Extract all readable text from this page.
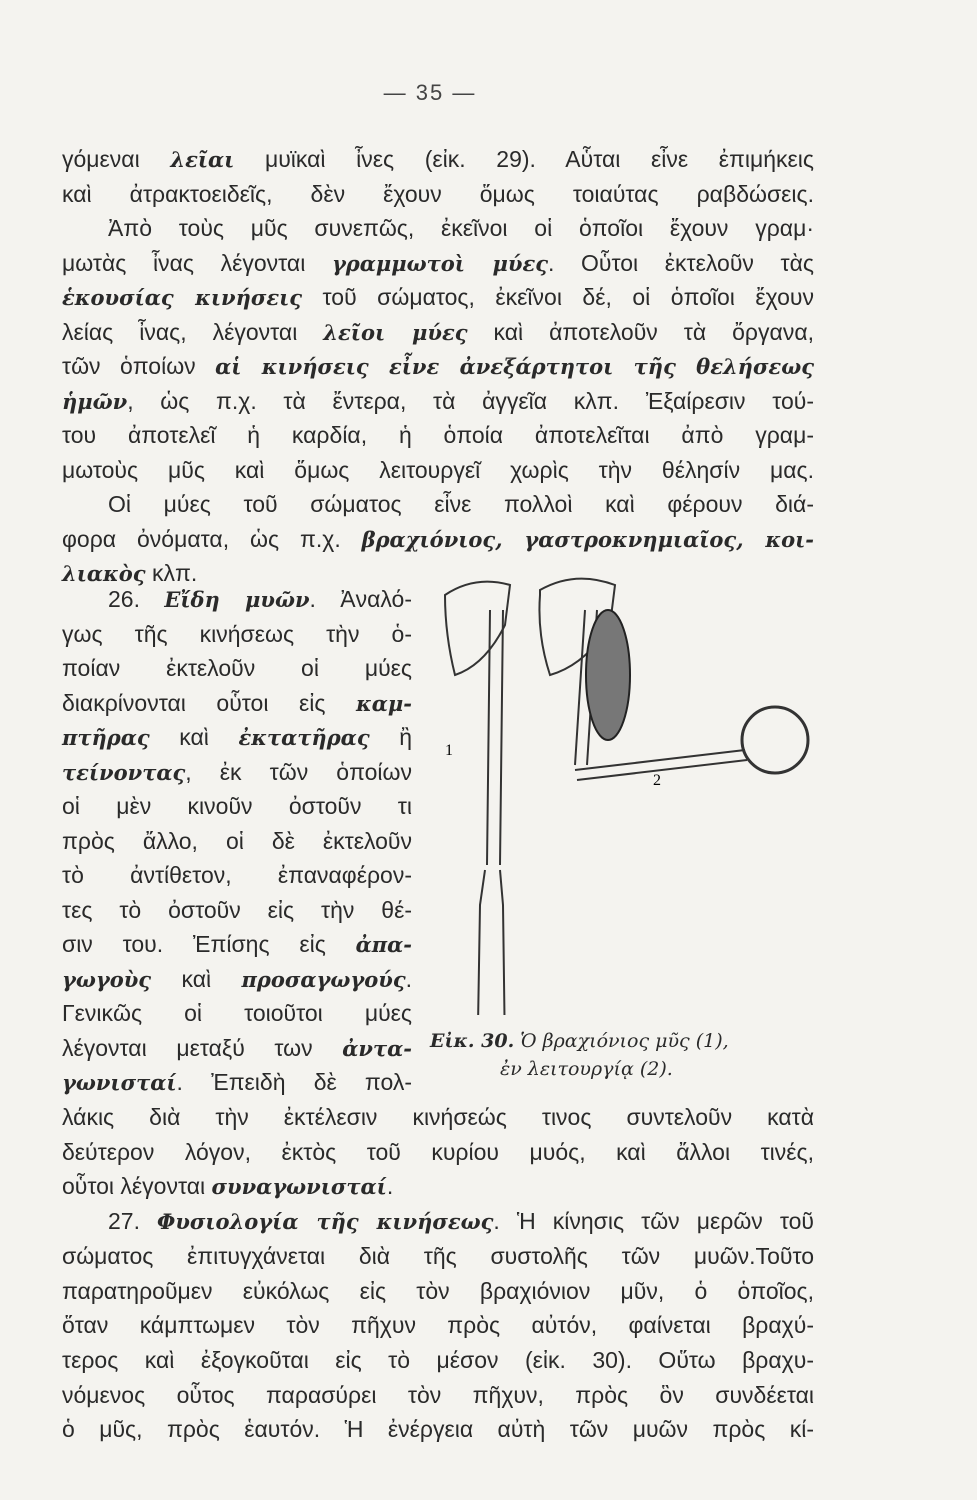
— 35 —
γόμεναι λεῖαι μυϊκαὶ ἶνες (εἰκ. 29). Αὗται εἶνε ἐπιμήκεις
καὶ ἀτρακτοειδεῖς, δὲν ἔχουν ὅμως τοιαύτας ραβδώσεις.
Ἀπὸ τοὺς μῦς συνεπῶς, ἐκεῖνοι οἱ ὁποῖοι ἔχουν γραμ·
μωτὰς ἶνας λέγονται γραμμωτοὶ μύες. Οὗτοι ἐκτελοῦν τὰς
ἑκουσίας κινήσεις τοῦ σώματος, ἐκεῖνοι δέ, οἱ ὁποῖοι ἔχουν
λείας ἶνας, λέγονται λεῖοι μύες καὶ ἀποτελοῦν τὰ ὄργανα,
τῶν ὁποίων αἱ κινήσεις εἶνε ἀνεξάρτητοι τῆς θελήσεως
ἡμῶν, ὡς π.χ. τὰ ἔντερα, τὰ ἀγγεῖα κλπ. Ἐξαίρεσιν τού-
του ἀποτελεῖ ἡ καρδία, ἡ ὁποία ἀποτελεῖται ἀπὸ γραμ-
μωτοὺς μῦς καὶ ὅμως λειτουργεῖ χωρὶς τὴν θέλησίν μας.
Οἱ μύες τοῦ σώματος εἶνε πολλοὶ καὶ φέρουν διά-
φορα ὀνόματα, ὡς π.χ. βραχιόνιος, γαστροκνημιαῖος, κοι-
λιακὸς κλπ.
26. Εἴδη μυῶν. Ἀναλό-
γως τῆς κινήσεως τὴν ὁ-
ποίαν ἐκτελοῦν οἱ μύες
διακρίνονται οὗτοι εἰς καμ-
πτῆρας καὶ ἐκτατῆρας ἢ
τείνοντας, ἐκ τῶν ὁποίων
οἱ μὲν κινοῦν ὀστοῦν τι
πρὸς ἄλλο, οἱ δὲ ἐκτελοῦν
τὸ ἀντίθετον, ἐπαναφέρον-
τες τὸ ὀστοῦν εἰς τὴν θέ-
σιν του. Ἐπίσης εἰς ἀπα-
γωγοὺς καὶ προσαγωγούς.
Γενικῶς οἱ τοιοῦτοι μύες
λέγονται μεταξύ των ἀντα-
γωνισταί. Ἐπειδὴ δὲ πολ-
λάκις διὰ τὴν ἐκτέλεσιν κινήσεώς τινος συντελοῦν κατὰ
δεύτερον λόγον, ἐκτὸς τοῦ κυρίου μυός, καὶ ἄλλοι τινές,
οὗτοι λέγονται συναγωνισταί.
27. Φυσιολογία τῆς κινήσεως. Ἡ κίνησις τῶν μερῶν τοῦ
σώματος ἐπιτυγχάνεται διὰ τῆς συστολῆς τῶν μυῶν.Τοῦτο
παρατηροῦμεν εὐκόλως εἰς τὸν βραχιόνιον μῦν, ὁ ὁποῖος,
ὅταν κάμπτωμεν τὸν πῆχυν πρὸς αὐτόν, φαίνεται βραχύ-
τερος καὶ ἐξογκοῦται εἰς τὸ μέσον (εἰκ. 30). Οὕτω βραχυ-
νόμενος οὗτος παρασύρει τὸν πῆχυν, πρὸς ὃν συνδέεται
ὁ μῦς, πρὸς ἑαυτόν. Ἡ ἐνέργεια αὐτὴ τῶν μυῶν πρὸς κί-
1
2
Εἰκ. 30. Ὁ βραχιόνιος μῦς (1),
ἐν λειτουργίᾳ (2).
